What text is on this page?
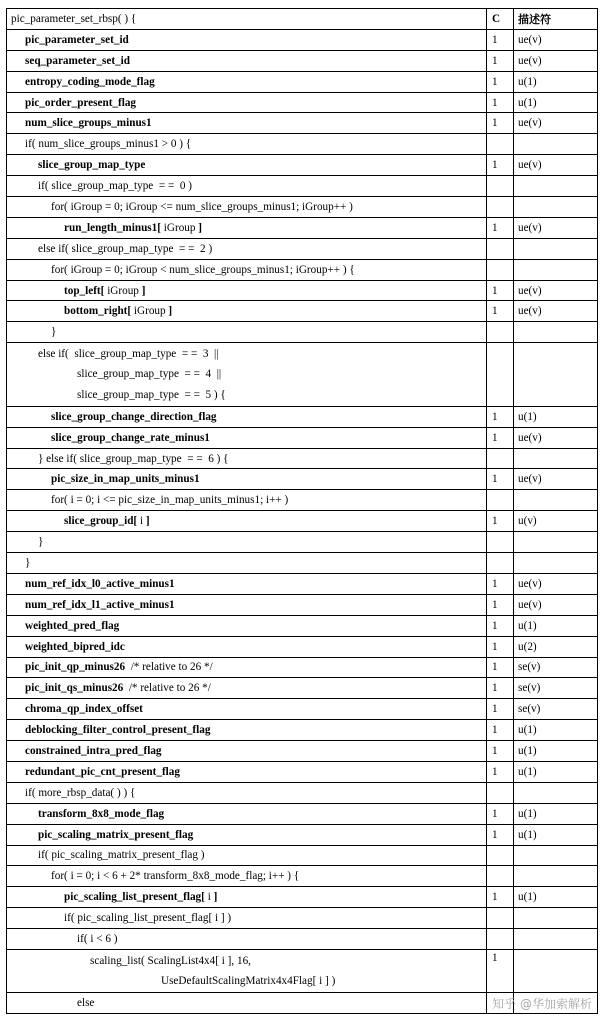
pic_parameter_set_rbsp( ) {	C	描述符

pic_parameter_set_id	1	ue(v)

seq_parameter_set_id	1	ue(v)

entropy_coding_mode_flag	1	u(1)

pic_order_present_flag	1	u(1)

num_slice_groups_minus1	1	ue(v)

if( num_slice_groups_minus1 > 0 ) {		

slice_group_map_type	1	ue(v)

if( slice_group_map_type  = =  0 )		

for( iGroup = 0; iGroup <= num_slice_groups_minus1; iGroup++ )		

run_length_minus1[ iGroup ]	1	ue(v)

else if( slice_group_map_type  = =  2 )		

for( iGroup = 0; iGroup < num_slice_groups_minus1; iGroup++ ) {		

top_left[ iGroup ]	1	ue(v)

bottom_right[ iGroup ]	1	ue(v)

}		

else if(  slice_group_map_type  = =  3  ||
slice_group_map_type  = =  4  ||
slice_group_map_type  = =  5 ) {		

slice_group_change_direction_flag	1	u(1)

slice_group_change_rate_minus1	1	ue(v)

} else if( slice_group_map_type  = =  6 ) {		

pic_size_in_map_units_minus1	1	ue(v)

for( i = 0; i <= pic_size_in_map_units_minus1; i++ )		

slice_group_id[ i ]	1	u(v)

}		

}		

num_ref_idx_l0_active_minus1	1	ue(v)

num_ref_idx_l1_active_minus1	1	ue(v)

weighted_pred_flag	1	u(1)

weighted_bipred_idc	1	u(2)

pic_init_qp_minus26  /* relative to 26 */	1	se(v)

pic_init_qs_minus26  /* relative to 26 */	1	se(v)

chroma_qp_index_offset	1	se(v)

deblocking_filter_control_present_flag	1	u(1)

constrained_intra_pred_flag	1	u(1)

redundant_pic_cnt_present_flag	1	u(1)

if( more_rbsp_data( ) ) {		

transform_8x8_mode_flag	1	u(1)

pic_scaling_matrix_present_flag	1	u(1)

if( pic_scaling_matrix_present_flag )		

for( i = 0; i < 6 + 2* transform_8x8_mode_flag; i++ ) {		

pic_scaling_list_present_flag[ i ]	1	u(1)

if( pic_scaling_list_present_flag[ i ] )		

if( i < 6 )		

scaling_list( ScalingList4x4[ i ], 16,
UseDefaultScalingMatrix4x4Flag[ i ] )	1	

else		
			知乎 @华加索解析
